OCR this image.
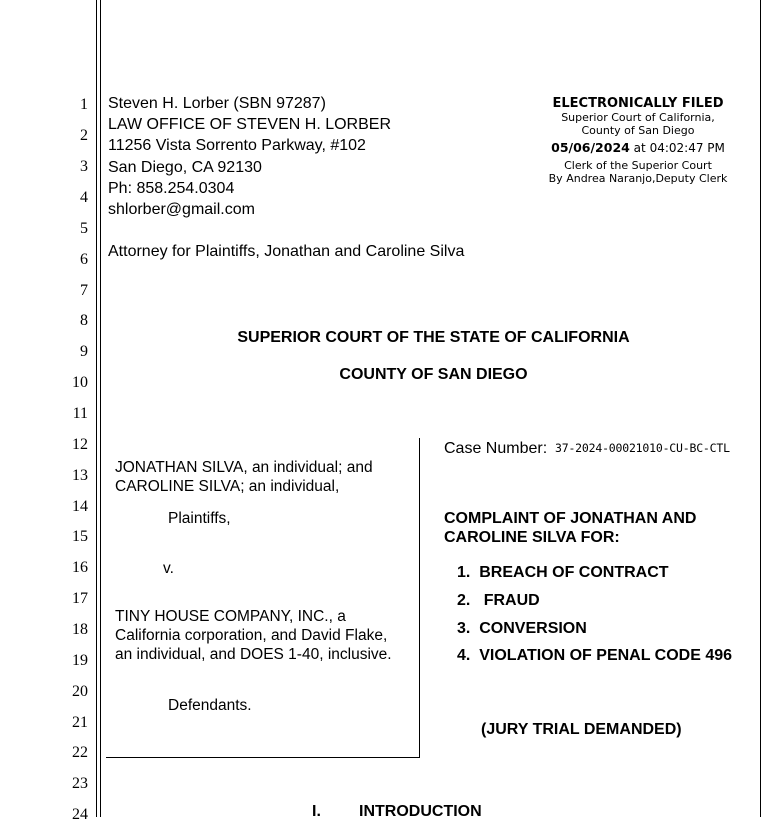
1
2
3
4
5
6
7
8
9
10
11
12
13
14
15
16
17
18
19
20
21
22
23
24
Steven H. Lorber (SBN 97287)
LAW OFFICE OF STEVEN H. LORBER
11256 Vista Sorrento Parkway, #102
San Diego, CA 92130
Ph: 858.254.0304
shlorber@gmail.com
Attorney for Plaintiffs, Jonathan and Caroline Silva
ELECTRONICALLY FILED
Superior Court of California,
County of San Diego
05/06/2024 at 04:02:47 PM
Clerk of the Superior Court
By Andrea Naranjo,Deputy Clerk
SUPERIOR COURT OF THE STATE OF CALIFORNIA
COUNTY OF SAN DIEGO
JONATHAN SILVA, an individual; and
CAROLINE SILVA; an individual,
Plaintiffs,
v.
TINY HOUSE COMPANY, INC., a
California corporation, and David Flake,
an individual, and DOES 1-40, inclusive.
Defendants.
Case Number: 37-2024-00021010-CU-BC-CTL
COMPLAINT OF JONATHAN AND
CAROLINE SILVA FOR:
1. BREACH OF CONTRACT
2. FRAUD
3. CONVERSION
4. VIOLATION OF PENAL CODE 496
(JURY TRIAL DEMANDED)
I. INTRODUCTION
